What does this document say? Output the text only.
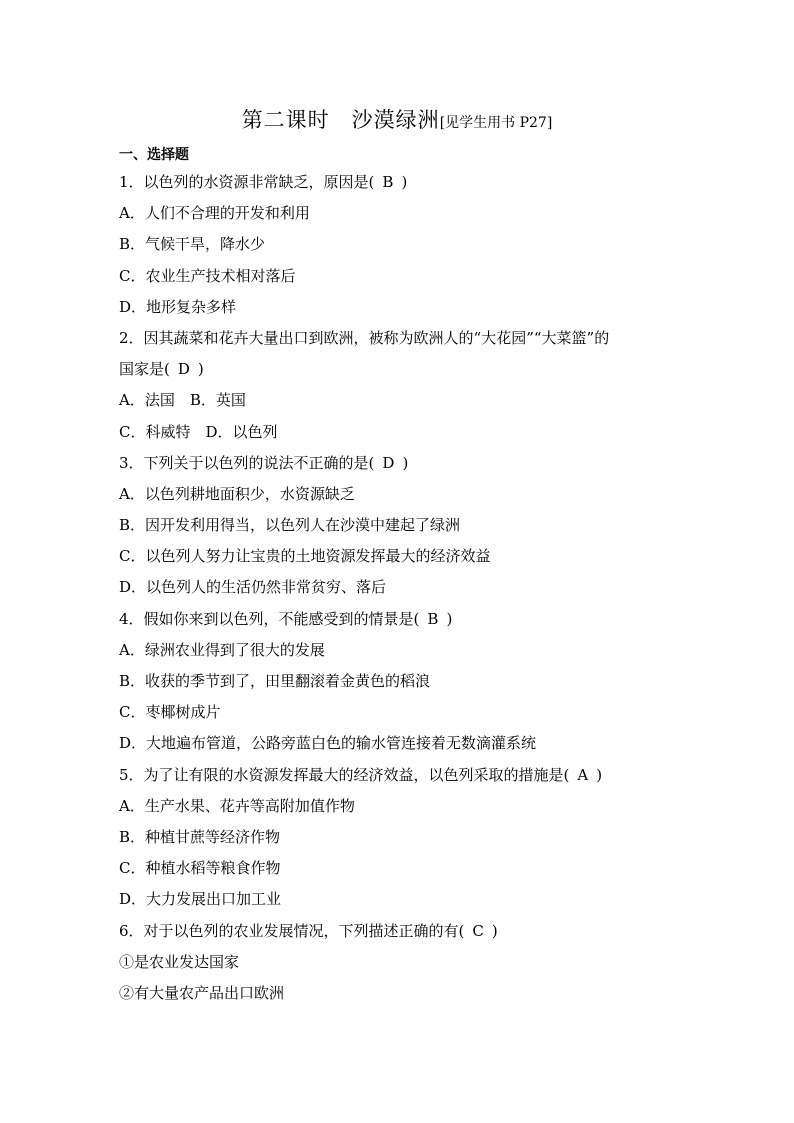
第二课时　沙漠绿洲[见学生用书 P27]
一、选择题
1．以色列的水资源非常缺乏，原因是( B )
A．人们不合理的开发和利用
B．气候干旱，降水少
C．农业生产技术相对落后
D．地形复杂多样
2．因其蔬菜和花卉大量出口到欧洲，被称为欧洲人的“大花园”“大菜篮”的
国家是( D )
A．法国　B．英国
C．科威特　D．以色列
3．下列关于以色列的说法不正确的是( D )
A．以色列耕地面积少，水资源缺乏
B．因开发利用得当，以色列人在沙漠中建起了绿洲
C．以色列人努力让宝贵的土地资源发挥最大的经济效益
D．以色列人的生活仍然非常贫穷、落后
4．假如你来到以色列，不能感受到的情景是( B )
A．绿洲农业得到了很大的发展
B．收获的季节到了，田里翻滚着金黄色的稻浪
C．枣椰树成片
D．大地遍布管道，公路旁蓝白色的输水管连接着无数滴灌系统
5．为了让有限的水资源发挥最大的经济效益，以色列采取的措施是( A )
A．生产水果、花卉等高附加值作物
B．种植甘蔗等经济作物
C．种植水稻等粮食作物
D．大力发展出口加工业
6．对于以色列的农业发展情况，下列描述正确的有( C )
①是农业发达国家
②有大量农产品出口欧洲
